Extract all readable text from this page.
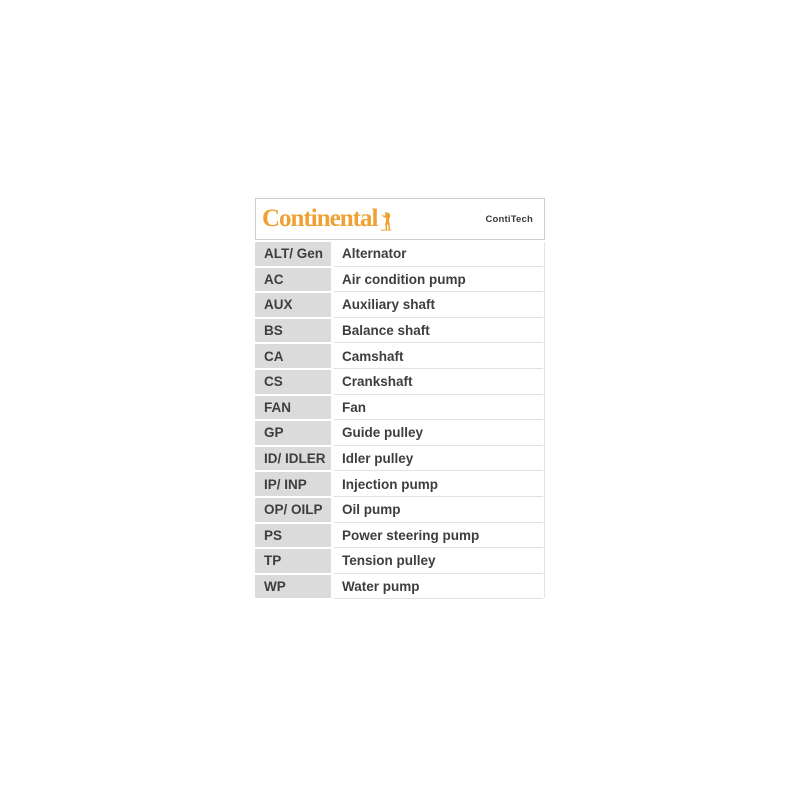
Continental	ContiTech
ALT/ Gen	Alternator
AC	Air condition pump
AUX	Auxiliary shaft
BS	Balance shaft
CA	Camshaft
CS	Crankshaft
FAN	Fan
GP	Guide pulley
ID/ IDLER	Idler pulley
IP/ INP	Injection pump
OP/ OILP	Oil pump
PS	Power steering pump
TP	Tension pulley
WP	Water pump
